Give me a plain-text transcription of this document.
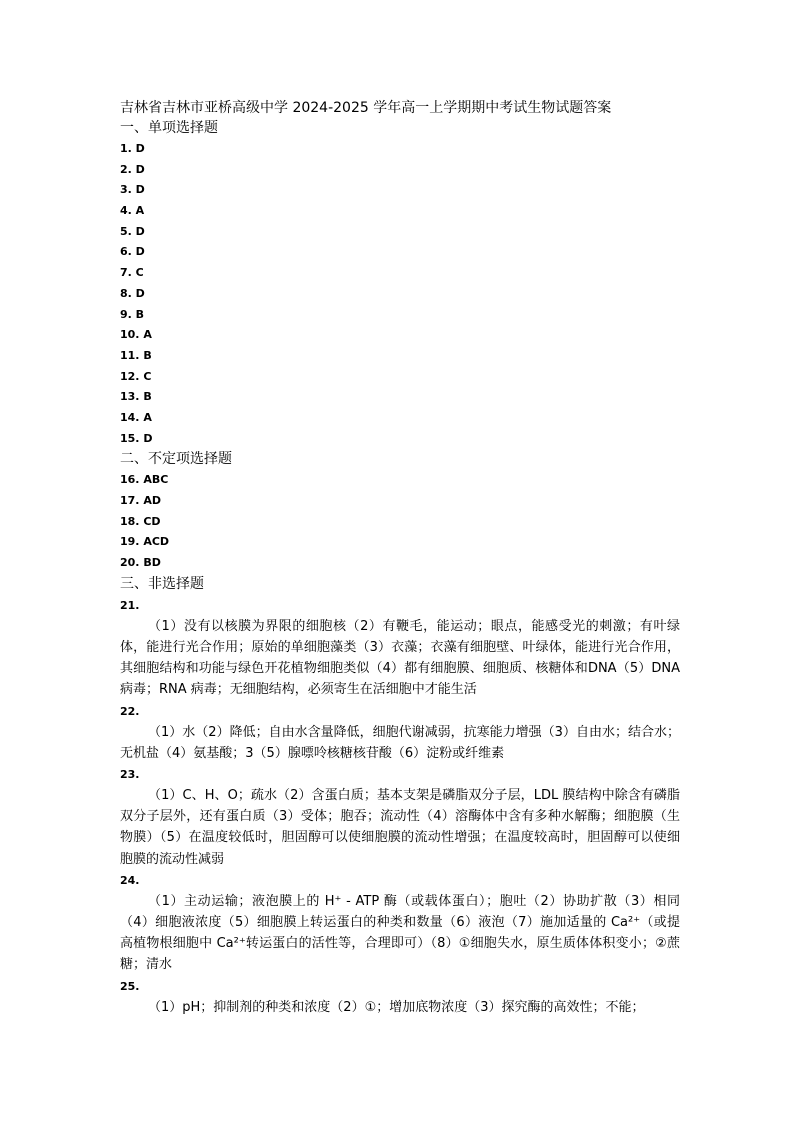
吉林省吉林市亚桥高级中学 2024-2025 学年高一上学期期中考试生物试题答案
一、单项选择题
1. D
2. D
3. D
4. A
5. D
6. D
7. C
8. D
9. B
10. A
11. B
12. C
13. B
14. A
15. D
二、不定项选择题
16. ABC
17. AD
18. CD
19. ACD
20. BD
三、非选择题
21.

（1）没有以核膜为界限的细胞核（2）有鞭毛，能运动；眼点，能感受光的刺激；有叶绿体，能进行光合作用；原始的单细胞藻类（3）衣藻；衣藻有细胞壁、叶绿体，能进行光合作用，其细胞结构和功能与绿色开花植物细胞类似（4）都有细胞膜、细胞质、核糖体和DNA（5）DNA 病毒；RNA 病毒；无细胞结构，必须寄生在活细胞中才能生活

22.

（1）水（2）降低；自由水含量降低，细胞代谢减弱，抗寒能力增强（3）自由水；结合水；无机盐（4）氨基酸；3（5）腺嘌呤核糖核苷酸（6）淀粉或纤维素

23.

（1）C、H、O；疏水（2）含蛋白质；基本支架是磷脂双分子层，LDL 膜结构中除含有磷脂双分子层外，还有蛋白质（3）受体；胞吞；流动性（4）溶酶体中含有多种水解酶；细胞膜（生物膜）（5）在温度较低时，胆固醇可以使细胞膜的流动性增强；在温度较高时，胆固醇可以使细胞膜的流动性减弱

24.

（1）主动运输；液泡膜上的 H⁺ - ATP 酶（或载体蛋白）；胞吐（2）协助扩散（3）相同（4）细胞液浓度（5）细胞膜上转运蛋白的种类和数量（6）液泡（7）施加适量的 Ca²⁺（或提高植物根细胞中 Ca²⁺转运蛋白的活性等，合理即可）（8）①细胞失水，原生质体体积变小；②蔗糖；清水

25.

（1）pH；抑制剂的种类和浓度（2）①；增加底物浓度（3）探究酶的高效性；不能；
